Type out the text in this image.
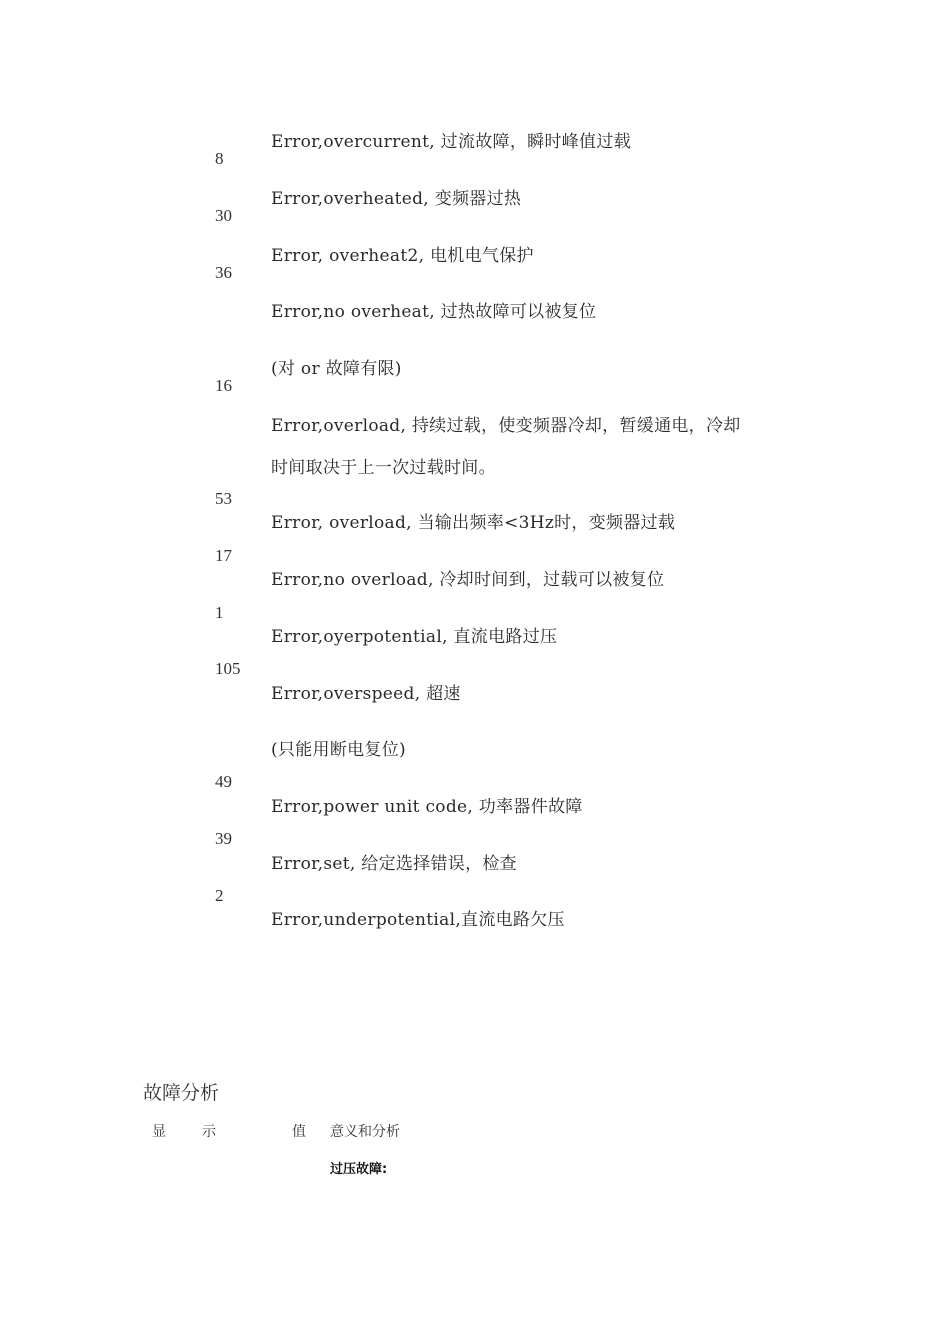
8
30
36
16
53
17
1
105
49
39
2
Error,overcurrent, 过流故障，瞬时峰值过载
Error,overheated, 变频器过热
Error, overheat2, 电机电气保护
Error,no overheat, 过热故障可以被复位
(对 or 故障有限)
Error,overload, 持续过载，使变频器冷却，暂缓通电，冷却
时间取决于上一次过载时间。
Error, overload, 当输出频率<3Hz时，变频器过载
Error,no overload, 冷却时间到，过载可以被复位
Error,oyerpotential, 直流电路过压
Error,overspeed, 超速
(只能用断电复位)
Error,power unit code, 功率器件故障
Error,set, 给定选择错误，检查
Error,underpotential,直流电路欠压
故障分析
显	示	值 意义和分析
过压故障:
